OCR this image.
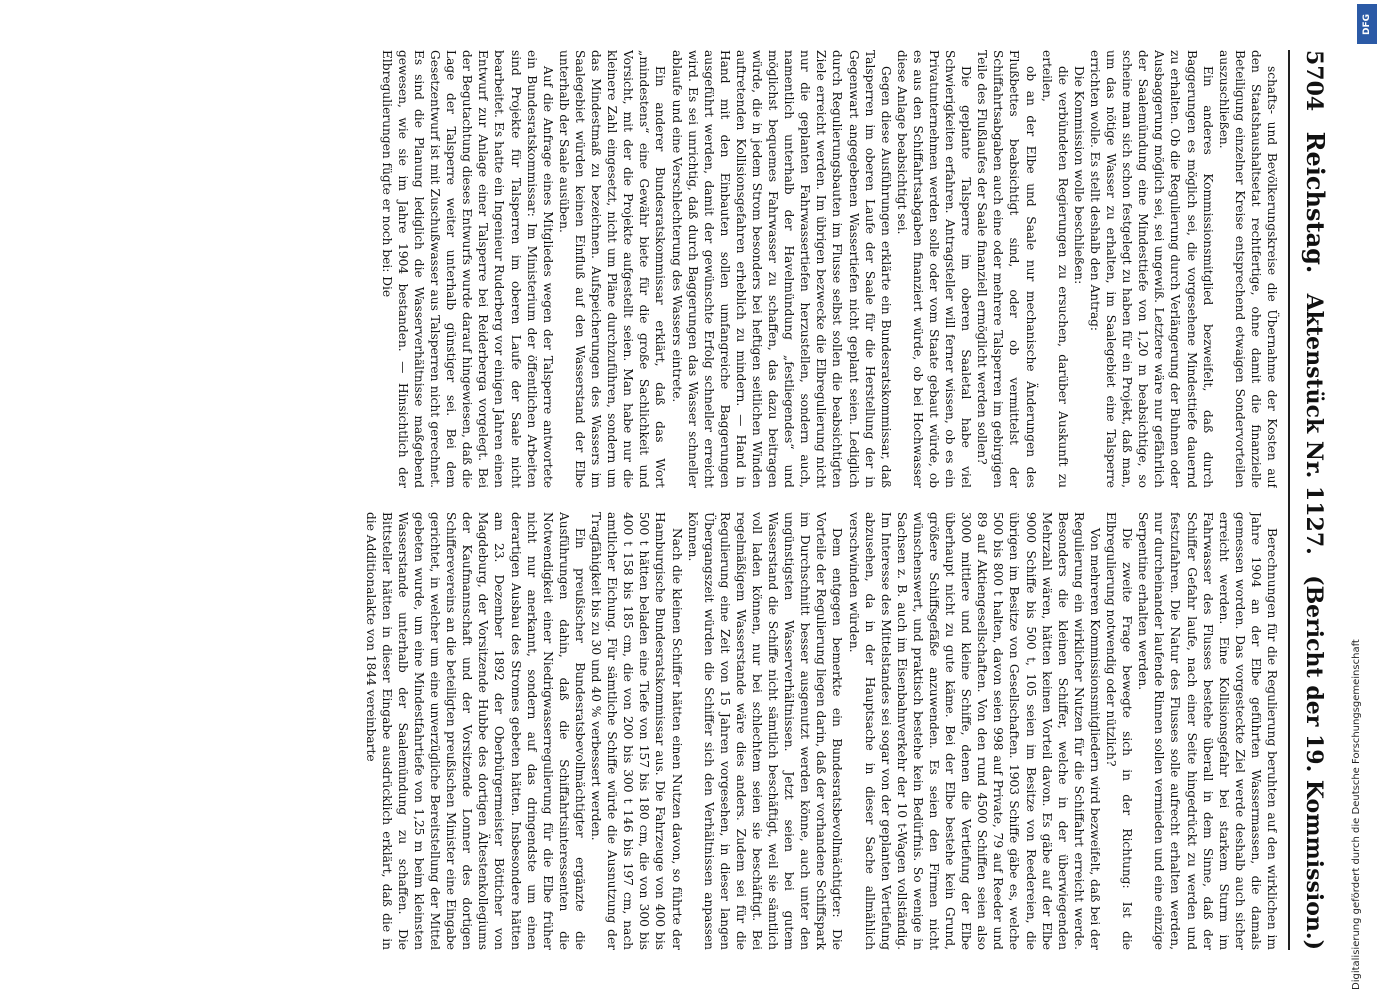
5704
Reichstag.
Aktenstück Nr. 1127.
(Bericht der 19. Kommission.)

schafts- und Bevölkerungskreise die Übernahme der Kosten auf den Staatshaushaltsetat rechtfertige, ohne damit die finanzielle Beteiligung einzelner Kreise entsprechend etwaigen Sondervorteilen auszuschließen.

Ein anderes Kommissionsmitglied bezweifelt, daß durch Baggerungen es möglich sei, die vorgesehene Mindesttiefe dauernd zu erhalten. Ob die Regulierung durch Verlängerung der Buhnen oder Ausbaggerung möglich sei, sei ungewiß. Letztere wäre nur gefährlich der Saalemündung eine Mindesttiefe von 1,20 m beabsichtige, so scheine man sich schon festgelegt zu haben für ein Projekt, daß man, um das nötige Wasser zu erhalten, im Saalegebiet eine Talsperre errichten wolle. Es stellt deshalb den Antrag:

Die Kommission wolle beschließen:

die verbündeten Regierungen zu ersuchen, darüber Auskunft zu erteilen,

ob an der Elbe und Saale nur mechanische Änderungen des Flußbettes beabsichtigt sind, oder ob vermittelst der Schiffahrtsabgaben auch eine oder mehrere Talsperren im gebirgigen Teile des Flußlaufes der Saale finanziell ermöglicht werden sollen?

Die geplante Talsperre im oberen Saaletal habe viel Schwierigkeiten erfahren. Antragsteller will ferner wissen, ob es ein Privatunternehmen werden solle oder vom Staate gebaut würde, ob es aus den Schiffahrtsabgaben finanziert würde, ob bei Hochwasser diese Anlage beabsichtigt sei.

Gegen diese Ausführungen erklärte ein Bundesratskommissar, daß Talsperren im oberen Laufe der Saale für die Herstellung der in Gegenwart angegebenen Wassertiefen nicht geplant seien. Lediglich durch Regulierungsbauten im Flusse selbst sollen die beabsichtigten Ziele erreicht werden. Im übrigen bezwecke die Elbregulierung nicht nur die geplanten Fahrwassertiefen herzustellen, sondern auch, namentlich unterhalb der Havelmündung „festliegendes“ und möglichst bequemes Fahrwasser zu schaffen, das dazu beitragen würde, die in jedem Strom besonders bei heftigen seitlichen Winden auftretenden Kollisionsgefahren erheblich zu mindern. — Hand in Hand mit den Einbauten sollen umfangreiche Baggerungen ausgeführt werden, damit der gewünschte Erfolg schneller erreicht wird. Es sei unrichtig, daß durch Baggerungen das Wasser schneller ablaufe und eine Verschlechterung des Wassers eintrete.

Ein anderer Bundesratskommissar erklärt, daß das Wort „mindestens“ eine Gewähr biete für die große Sachlichkeit und Vorsicht, mit der die Projekte aufgestellt seien. Man habe nur die kleinere Zahl eingesetzt, nicht um Pläne durchzuführen, sondern um das Mindestmaß zu bezeichnen. Aufspeicherungen des Wassers im Saalegebiet würden keinen Einfluß auf den Wasserstand der Elbe unterhalb der Saale ausüben.

Auf die Anfrage eines Mitgliedes wegen der Talsperre antwortete ein Bundesratskommissar: Im Ministerium der öffentlichen Arbeiten sind Projekte für Talsperren im oberen Laufe der Saale nicht bearbeitet. Es hatte ein Ingenieur Ruderberg vor einigen Jahren einen Entwurf zur Anlage einer Talsperre bei Reiderberga vorgelegt. Bei der Begutachtung dieses Entwurfs wurde darauf hingewiesen, daß die Lage der Talsperre weiter unterhalb günstiger sei. Bei dem Gesetzentwurf ist mit Zuschußwasser aus Talsperren nicht gerechnet. Es sind die Planung lediglich die Wasserverhältnisse maßgebend gewesen, wie sie im Jahre 1904 bestanden. — Hinsichtlich der Elbregulierungen fügte er noch bei: Die

Berechnungen für die Regulierung beruhten auf den wirklichen im Jahre 1904 an der Elbe geführten Wassermassen, die damals gemessen worden. Das vorgesteckte Ziel werde deshalb auch sicher erreicht werden. Eine Kollisionsgefahr bei starkem Sturm im Fahrwasser des Flusses bestehe überall in dem Sinne, daß der Schiffer Gefahr laufe, nach einer Seite hingedrückt zu werden und festzufahren. Die Natur des Flusses solle aufrecht erhalten werden, nur durcheinander laufende Rinnen sollen vermieden und eine einzige Serpentine erhalten werden.

Die zweite Frage bewegte sich in der Richtung: Ist die Elbregulierung notwendig oder nützlich?

Von mehreren Kommissionsmitgliedern wird bezweifelt, daß bei der Regulierung ein wirklicher Nutzen für die Schiffahrt erreicht werde. Besonders die kleinen Schiffer, welche in der überwiegenden Mehrzahl wären, hätten keinen Vorteil davon. Es gäbe auf der Elbe 9000 Schiffe bis 500 t, 105 seien im Besitze von Reedereien, die übrigen im Besitze von Gesellschaften. 1903 Schiffe gäbe es, welche 500 bis 800 t halten, davon seien 998 auf Private, 79 auf Reeder und 89 auf Aktiengesellschaften. Von den rund 4500 Schiffen seien also 3000 mittlere und kleine Schiffe, denen die Vertiefung der Elbe überhaupt nicht zu gute käme. Bei der Elbe bestehe kein Grund, größere Schiffsgefäße anzuwenden. Es seien den Firmen nicht wünschenswert, und praktisch bestehe kein Bedürfnis. So wenige in Sachsen z. B. auch im Eisenbahnverkehr der 10 t-Wagen vollständig. Im Interesse des Mittelstandes sei sogar von der geplanten Vertiefung abzusehen, da in der Hauptsache in dieser Sache allmählich verschwinden würden.

Dem entgegen bemerkte ein Bundesratsbevollmächtigter: Die Vorteile der Regulierung liegen darin, daß der vorhandene Schiffspark im Durchschnitt besser ausgenutzt werden könne, auch unter den ungünstigsten Wasserverhältnissen. Jetzt seien bei gutem Wasserstand die Schiffe nicht sämtlich beschäftigt, weil sie sämtlich voll laden können, nur bei schlechtem seien sie beschäftigt. Bei regelmäßigem Wasserstande wäre dies anders. Zudem sei für die Regulierung eine Zeit von 15 Jahren vorgesehen, in dieser langen Übergangszeit würden die Schiffer sich den Verhältnissen anpassen können.

Nach die kleinen Schiffer hätten einen Nutzen davon, so führte der Hamburgische Bundesratskommissar aus. Die Fahrzeuge von 400 bis 500 t hätten beladen eine Tiefe von 157 bis 180 cm, die von 300 bis 400 t 158 bis 185 cm, die von 200 bis 300 t 146 bis 197 cm, nach amtlicher Eichung. Für sämtliche Schiffe würde die Ausnutzung der Tragfähigkeit bis zu 30 und 40 % verbessert werden.

Ein preußischer Bundesratsbevollmächtigter ergänzte die Ausführungen dahin, daß die Schiffahrtsinteressenten die Notwendigkeit einer Niedrigwasserregulierung für die Elbe früher nicht nur anerkannt, sondern auf das dringendste um einen derartigen Ausbau des Stromes gebeten hätten. Insbesondere hätten am 23. Dezember 1892 der Oberbürgermeister Bötticher von Magdeburg, der Vorsitzende Hubbe des dortigen Ältestenkollegiums der Kaufmannschaft und der Vorsitzende Lonner des dortigen Schifferevereins an die beteiligten preußischen Minister eine Eingabe gerichtet, in welcher um eine unverzügliche Bereitstellung der Mittel gebeten wurde, um eine Mindestfahrtiefe von 1,25 m beim kleinsten Wasserstande unterhalb der Saalemündung zu schaffen. Die Bittsteller hätten in dieser Eingabe ausdrücklich erklärt, daß die in die Additionalakte von 1844 vereinbarte

DFG
Digitalisierung gefördert durch die Deutsche Forschungsgemeinschaft
